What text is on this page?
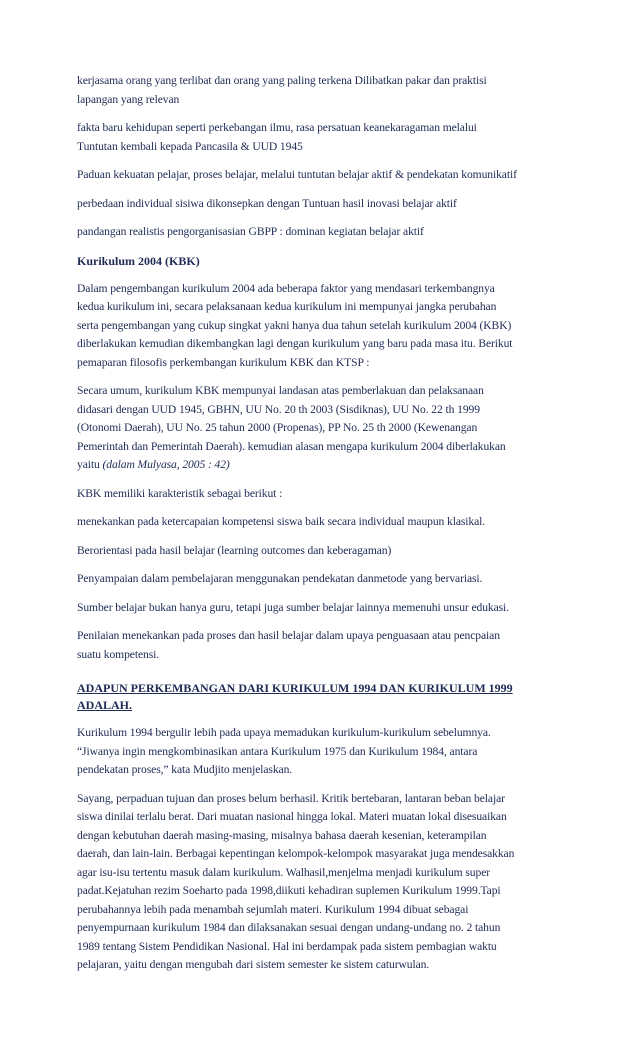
kerjasama orang yang terlibat dan orang yang paling terkena Dilibatkan pakar dan praktisi
lapangan yang relevan

fakta baru kehidupan seperti perkebangan ilmu, rasa persatuan keanekaragaman melalui
Tuntutan kembali kepada Pancasila & UUD 1945

Paduan kekuatan pelajar, proses belajar, melalui tuntutan belajar aktif & pendekatan komunikatif

perbedaan individual sisiwa dikonsepkan dengan Tuntuan hasil inovasi belajar aktif

pandangan realistis pengorganisasian GBPP : dominan kegiatan belajar aktif

Kurikulum 2004 (KBK)

Dalam pengembangan kurikulum 2004 ada beberapa faktor yang mendasari terkembangnya
kedua kurikulum ini, secara pelaksanaan kedua kurikulum ini mempunyai jangka perubahan
serta pengembangan yang cukup singkat yakni hanya dua tahun setelah kurikulum 2004 (KBK)
diberlakukan kemudian dikembangkan lagi dengan kurikulum yang baru pada masa itu. Berikut
pemaparan filosofis perkembangan kurikulum KBK dan KTSP :

Secara umum, kurikulum KBK mempunyai landasan atas pemberlakuan dan pelaksanaan
didasari dengan UUD 1945, GBHN, UU No. 20 th 2003 (Sisdiknas), UU No. 22 th 1999
(Otonomi Daerah), UU No. 25 tahun 2000 (Propenas), PP No. 25 th 2000 (Kewenangan
Pemerintah dan Pemerintah Daerah). kemudian alasan mengapa kurikulum 2004 diberlakukan
yaitu (dalam Mulyasa, 2005 : 42)

KBK memiliki karakteristik sebagai berikut :

menekankan pada ketercapaian kompetensi siswa baik secara individual maupun klasikal.

Berorientasi pada hasil belajar (learning outcomes dan keberagaman)

Penyampaian dalam pembelajaran menggunakan pendekatan danmetode yang bervariasi.

Sumber belajar bukan hanya guru, tetapi juga sumber belajar lainnya memenuhi unsur edukasi.

Penilaian menekankan pada proses dan hasil belajar dalam upaya penguasaan atau pencpaian
suatu kompetensi.

ADAPUN PERKEMBANGAN DARI KURIKULUM 1994 DAN KURIKULUM 1999
ADALAH.

Kurikulum 1994 bergulir lebih pada upaya memadukan kurikulum-kurikulum sebelumnya.
“Jiwanya ingin mengkombinasikan antara Kurikulum 1975 dan Kurikulum 1984, antara
pendekatan proses,” kata Mudjito menjelaskan.

Sayang, perpaduan tujuan dan proses belum berhasil. Kritik bertebaran, lantaran beban belajar
siswa dinilai terlalu berat. Dari muatan nasional hingga lokal. Materi muatan lokal disesuaikan
dengan kebutuhan daerah masing-masing, misalnya bahasa daerah kesenian, keterampilan
daerah, dan lain-lain. Berbagai kepentingan kelompok-kelompok masyarakat juga mendesakkan
agar isu-isu tertentu masuk dalam kurikulum. Walhasil,menjelma menjadi kurikulum super
padat.Kejatuhan rezim Soeharto pada 1998,diikuti kehadiran suplemen Kurikulum 1999.Tapi
perubahannya lebih pada menambah sejumlah materi. Kurikulum 1994 dibuat sebagai
penyempurnaan kurikulum 1984 dan dilaksanakan sesuai dengan undang-undang no. 2 tahun
1989 tentang Sistem Pendidikan Nasional. Hal ini berdampak pada sistem pembagian waktu
pelajaran, yaitu dengan mengubah dari sistem semester ke sistem caturwulan.
